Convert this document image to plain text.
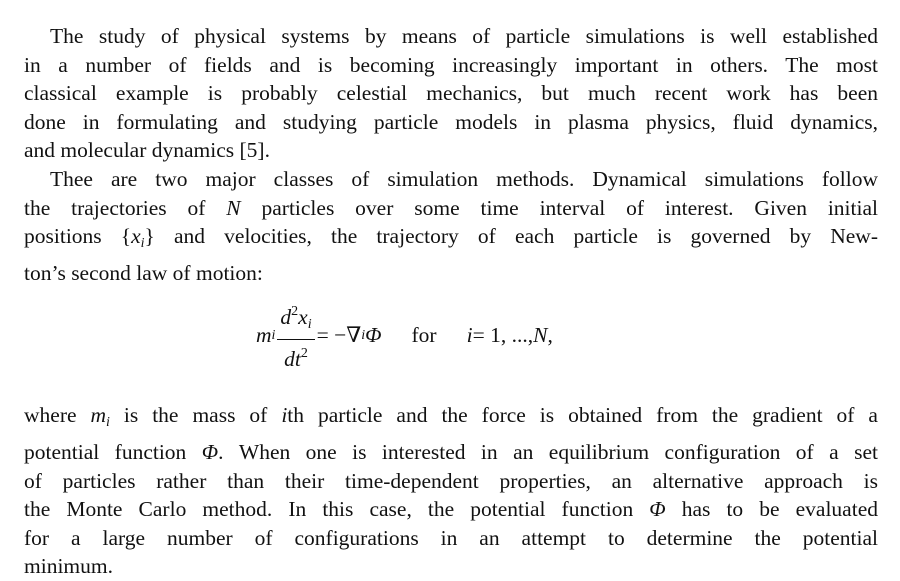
The study of physical systems by means of particle simulations is well established
in a number of fields and is becoming increasingly important in others. The most
classical example is probably celestial mechanics, but much recent work has been
done in formulating and studying particle models in plasma physics, fluid dynamics,
and molecular dynamics [5].

Thee are two major classes of simulation methods. Dynamical simulations follow
the trajectories of N particles over some time interval of interest. Given initial
positions $\{x_i\}$ and velocities, the trajectory of each particle is governed by New-
ton’s second law of motion:

m i $\frac{d^2x_i}{dt^2}$ = −∇ i Φ for i = 1, ..., N ,

where $m_i$ is the mass of ith particle and the force is obtained from the gradient of a
potential function Φ. When one is interested in an equilibrium configuration of a set
of particles rather than their time-dependent properties, an alternative approach is
the Monte Carlo method. In this case, the potential function Φ has to be evaluated
for a large number of configurations in an attempt to determine the potential
minimum.
